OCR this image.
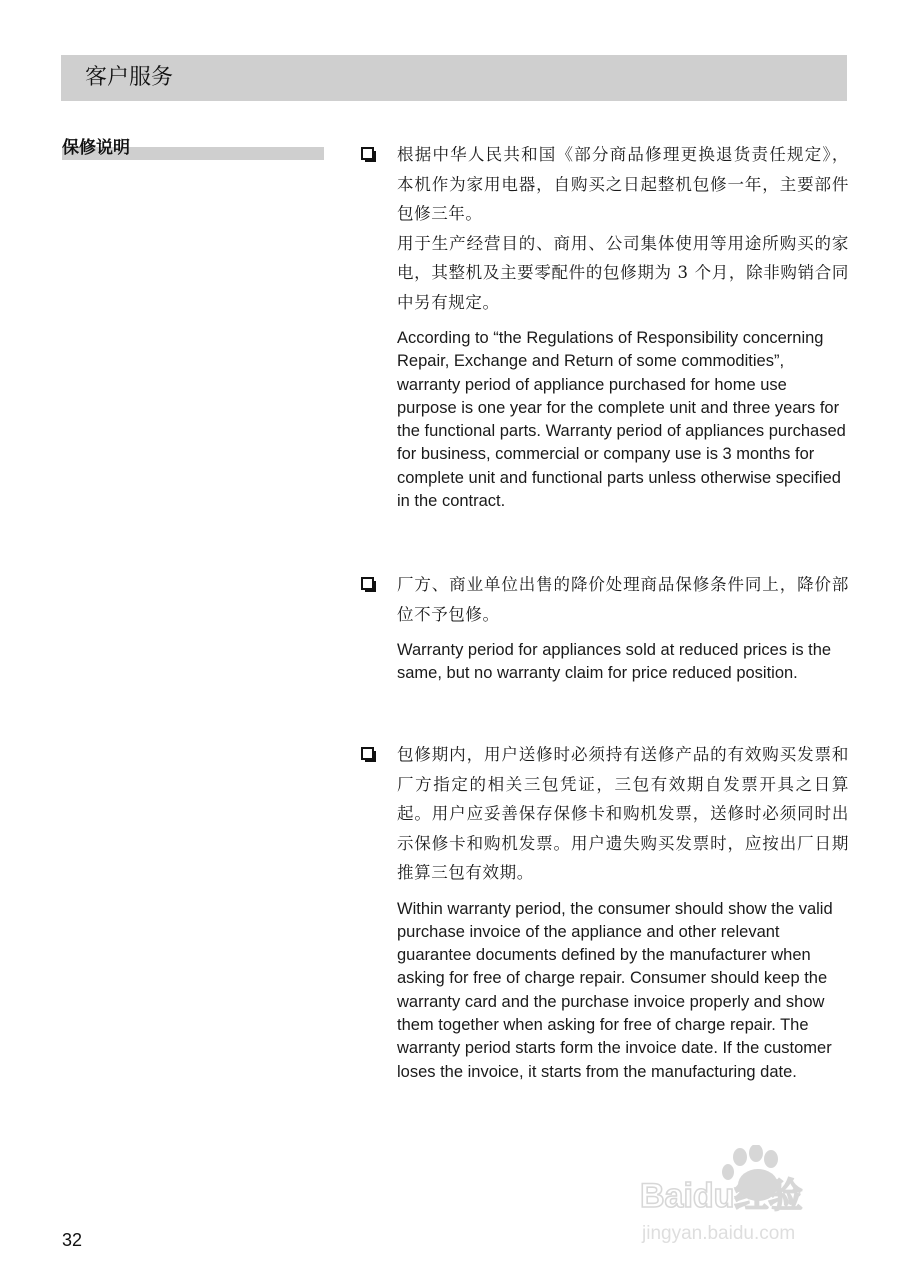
客户服务
保修说明	根据中华人民共和国《部分商品修理更换退货责任规定》，本机作为家用电器，自购买之日起整机包修一年，主要部件包修三年。

用于生产经营目的、商用、公司集体使用等用途所购买的家电，其整机及主要零配件的包修期为 3 个月，除非购销合同中另有规定。

According to “the Regulations of Responsibility concerning Repair, Exchange and Return of some commodities”, warranty period of appliance purchased for home use purpose is one year for the complete unit and three years for the functional parts. Warranty period of appliances purchased for business, commercial or company use is 3 months for complete unit and functional parts unless otherwise specified in the contract.

厂方、商业单位出售的降价处理商品保修条件同上，降价部位不予包修。

Warranty period for appliances sold at reduced prices is the same, but no warranty claim for price reduced position.

包修期内，用户送修时必须持有送修产品的有效购买发票和厂方指定的相关三包凭证，三包有效期自发票开具之日算起。用户应妥善保存保修卡和购机发票，送修时必须同时出示保修卡和购机发票。用户遗失购买发票时，应按出厂日期推算三包有效期。

Within warranty period, the consumer should show the valid purchase invoice of the appliance and other relevant guarantee documents defined by the manufacturer when asking for free of charge repair. Consumer should keep the warranty card and the purchase invoice properly and show them together when asking for free of charge repair. The warranty period starts form the invoice date. If the customer loses the invoice, it starts from the manufacturing date.

32
Baidu经验
jingyan.baidu.com
